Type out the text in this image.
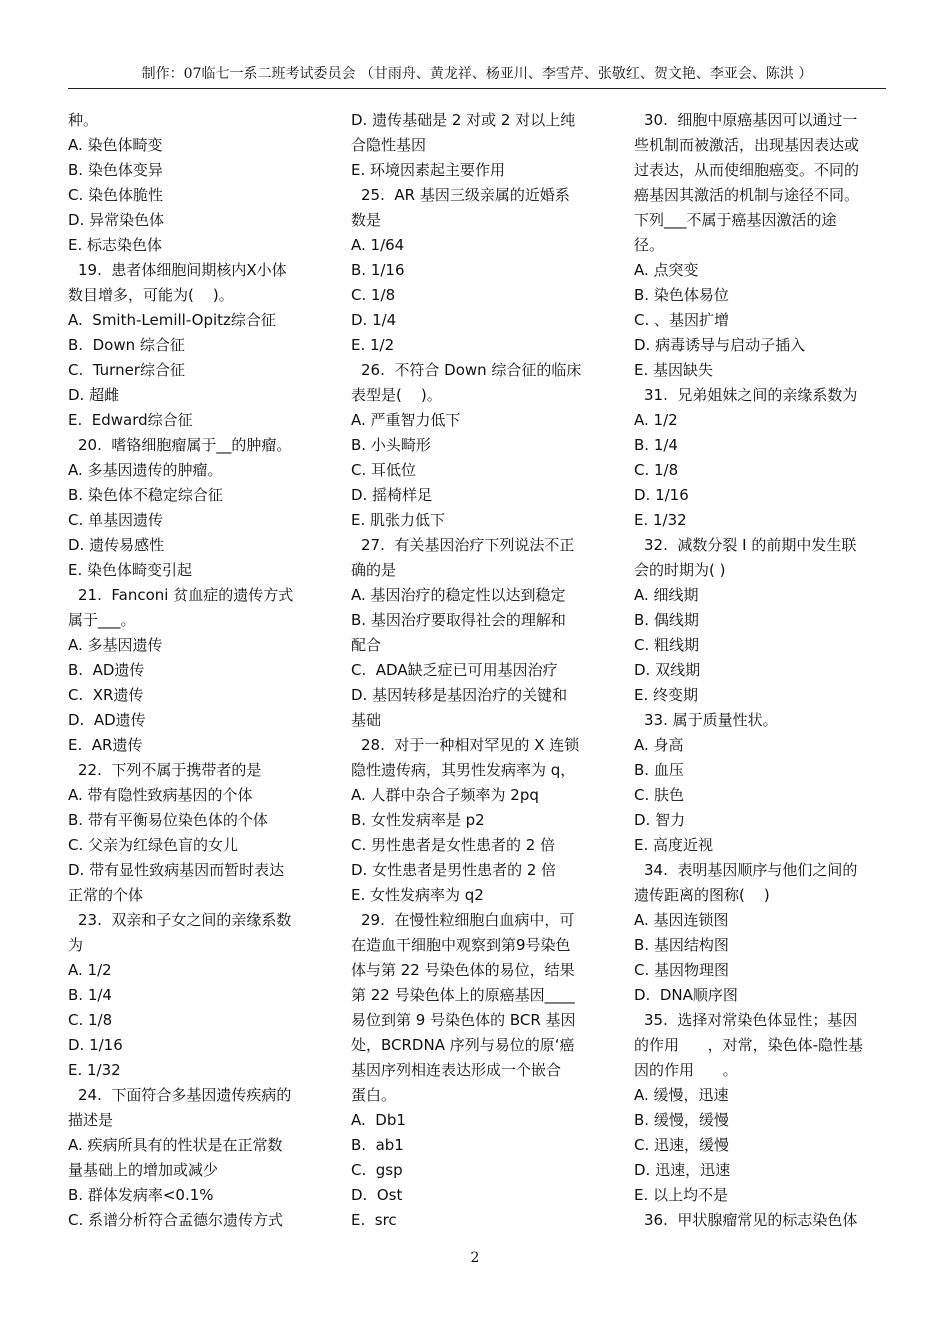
制作：07临七一系二班考试委员会 （甘雨舟、黄龙祥、杨亚川、李雪芹、张敬红、贺文艳、李亚会、陈洪 ）
种。
A. 染色体畸变
B. 染色体变异
C. 染色体脆性
D. 异常染色体
E. 标志染色体
19.  患者体细胞间期核内X小体
数目增多，可能为(    )。
A.  Smith-Lemill-Opitz综合征
B.  Down 综合征
C.  Turner综合征
D. 超雌
E.  Edward综合征
20.  嗜铬细胞瘤属于__的肿瘤。
A. 多基因遗传的肿瘤。
B. 染色体不稳定综合征
C. 单基因遗传
D. 遗传易感性
E. 染色体畸变引起
21.  Fanconi 贫血症的遗传方式
属于___。
A. 多基因遗传
B.  AD遗传
C.  XR遗传
D.  AD遗传
E.  AR遗传
22.  下列不属于携带者的是
A. 带有隐性致病基因的个体
B. 带有平衡易位染色体的个体
C. 父亲为红绿色盲的女儿
D. 带有显性致病基因而暂时表达
正常的个体
23.  双亲和子女之间的亲缘系数
为
A. 1/2
B. 1/4
C. 1/8
D. 1/16
E. 1/32
24.  下面符合多基因遗传疾病的
描述是
A. 疾病所具有的性状是在正常数
量基础上的增加或减少
B. 群体发病率<0.1%
C. 系谱分析符合孟德尔遗传方式
D. 遗传基础是 2 对或 2 对以上纯
合隐性基因
E. 环境因素起主要作用
25.  AR 基因三级亲属的近婚系
数是
A. 1/64
B. 1/16
C. 1/8
D. 1/4
E. 1/2
26.  不符合 Down 综合征的临床
表型是(    )。
A. 严重智力低下
B. 小头畸形
C. 耳低位
D. 摇椅样足
E. 肌张力低下
27.  有关基因治疗下列说法不正
确的是
A. 基因治疗的稳定性以达到稳定
B. 基因治疗要取得社会的理解和
配合
C.  ADA缺乏症已可用基因治疗
D. 基因转移是基因治疗的关键和
基础
28.  对于一种相对罕见的 X 连锁
隐性遗传病，其男性发病率为 q，
A. 人群中杂合子频率为 2pq
B. 女性发病率是 p2
C. 男性患者是女性患者的 2 倍
D. 女性患者是男性患者的 2 倍
E. 女性发病率为 q2
29.  在慢性粒细胞白血病中，可
在造血干细胞中观察到第9号染色
体与第 22 号染色体的易位，结果
第 22 号染色体上的原癌基因____
易位到第 9 号染色体的 BCR 基因
处，BCRDNA 序列与易位的原‘癌
基因序列相连表达形成一个嵌合
蛋白。
A.  Db1
B.  ab1
C.  gsp
D.  Ost
E.  src
30.  细胞中原癌基因可以通过一
些机制而被激活，出现基因表达或
过表达，从而使细胞癌变。不同的
癌基因其激活的机制与途径不同。
下列___不属于癌基因激活的途
径。
A. 点突变
B. 染色体易位
C. 、基因扩增
D. 病毒诱导与启动子插入
E. 基因缺失
31.  兄弟姐妹之间的亲缘系数为
A. 1/2
B. 1/4
C. 1/8
D. 1/16
E. 1/32
32.  减数分裂 I 的前期中发生联
会的时期为( )
A. 细线期
B. 偶线期
C. 粗线期
D. 双线期
E. 终变期
33. 属于质量性状。
A. 身高
B. 血压
C. 肤色
D. 智力
E. 高度近视
34.  表明基因顺序与他们之间的
遗传距离的图称(    )
A. 基因连锁图
B. 基因结构图
C. 基因物理图
D.  DNA顺序图
35.  选择对常染色体显性；基因
的作用      ，对常，染色体-隐性基
因的作用      。
A. 缓慢，迅速
B. 缓慢，缓慢
C. 迅速，缓慢
D. 迅速，迅速
E. 以上均不是
36.  甲状腺瘤常见的标志染色体
2
